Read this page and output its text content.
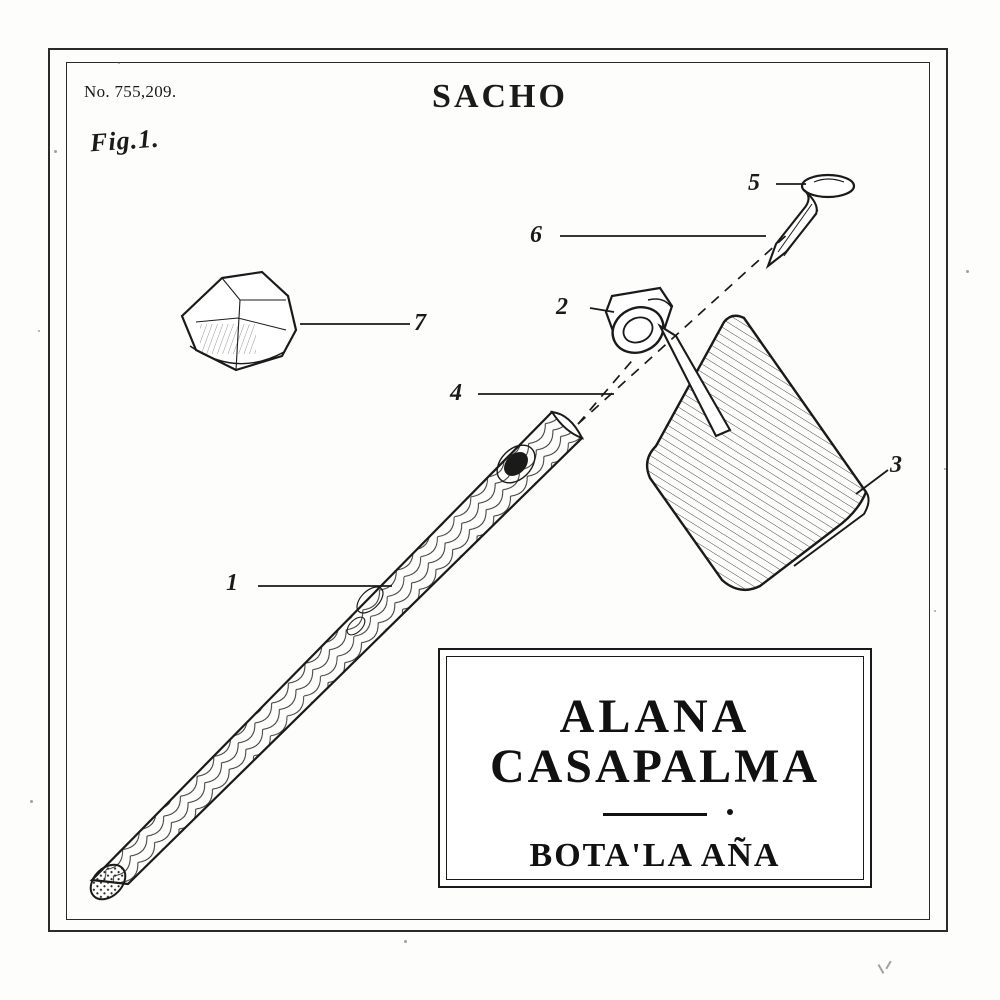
No. 755,209.
Fig.1.
SACHO
1
2
3
4
5
6
7
ALANA
CASAPALMA
BOTA'LA AÑA
